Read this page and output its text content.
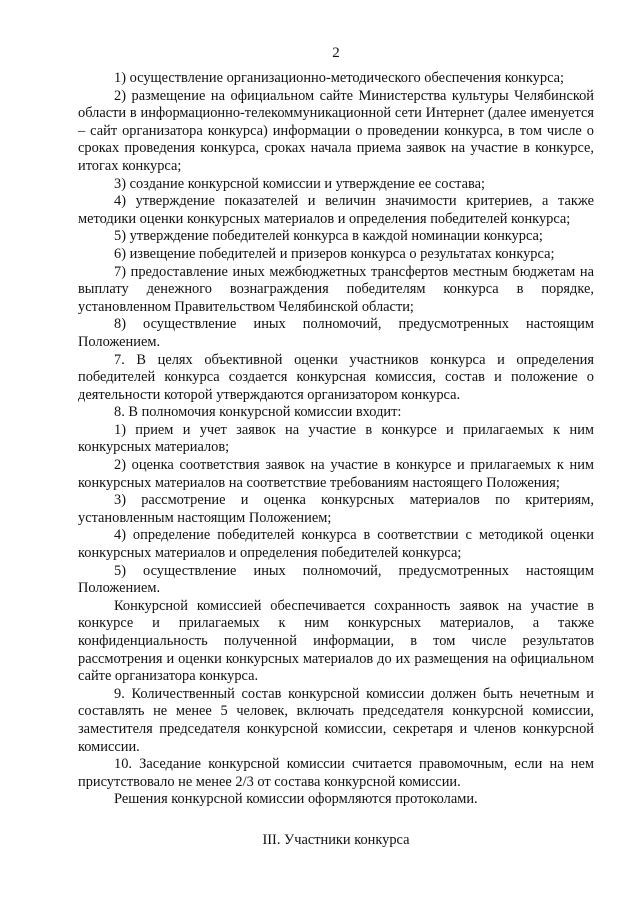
2

1) осуществление организационно-методического обеспечения конкурса;

2) размещение на официальном сайте Министерства культуры Челябинской области в информационно-телекоммуникационной сети Интернет (далее именуется – сайт организатора конкурса) информации о проведении конкурса, в том числе о сроках проведения конкурса, сроках начала приема заявок на участие в конкурсе, итогах конкурса;

3) создание конкурсной комиссии и утверждение ее состава;

4) утверждение показателей и величин значимости критериев, а также методики оценки конкурсных материалов и определения победителей конкурса;

5) утверждение победителей конкурса в каждой номинации конкурса;

6) извещение победителей и призеров конкурса о результатах конкурса;

7) предоставление иных межбюджетных трансфертов местным бюджетам на выплату денежного вознаграждения победителям конкурса в порядке, установленном Правительством Челябинской области;

8) осуществление иных полномочий, предусмотренных настоящим Положением.

7. В целях объективной оценки участников конкурса и определения победителей конкурса создается конкурсная комиссия, состав и положение о деятельности которой утверждаются организатором конкурса.

8. В полномочия конкурсной комиссии входит:

1) прием и учет заявок на участие в конкурсе и прилагаемых к ним конкурсных материалов;

2) оценка соответствия заявок на участие в конкурсе и прилагаемых к ним конкурсных материалов на соответствие требованиям настоящего Положения;

3) рассмотрение и оценка конкурсных материалов по критериям, установленным настоящим Положением;

4) определение победителей конкурса в соответствии с методикой оценки конкурсных материалов и определения победителей конкурса;

5) осуществление иных полномочий, предусмотренных настоящим Положением.

Конкурсной комиссией обеспечивается сохранность заявок на участие в конкурсе и прилагаемых к ним конкурсных материалов, а также конфиденциальность полученной информации, в том числе результатов рассмотрения и оценки конкурсных материалов до их размещения на официальном сайте организатора конкурса.

9. Количественный состав конкурсной комиссии должен быть нечетным и составлять не менее 5 человек, включать председателя конкурсной комиссии, заместителя председателя конкурсной комиссии, секретаря и членов конкурсной комиссии.

10. Заседание конкурсной комиссии считается правомочным, если на нем присутствовало не менее 2/3 от состава конкурсной комиссии.

Решения конкурсной комиссии оформляются протоколами.

III. Участники конкурса
